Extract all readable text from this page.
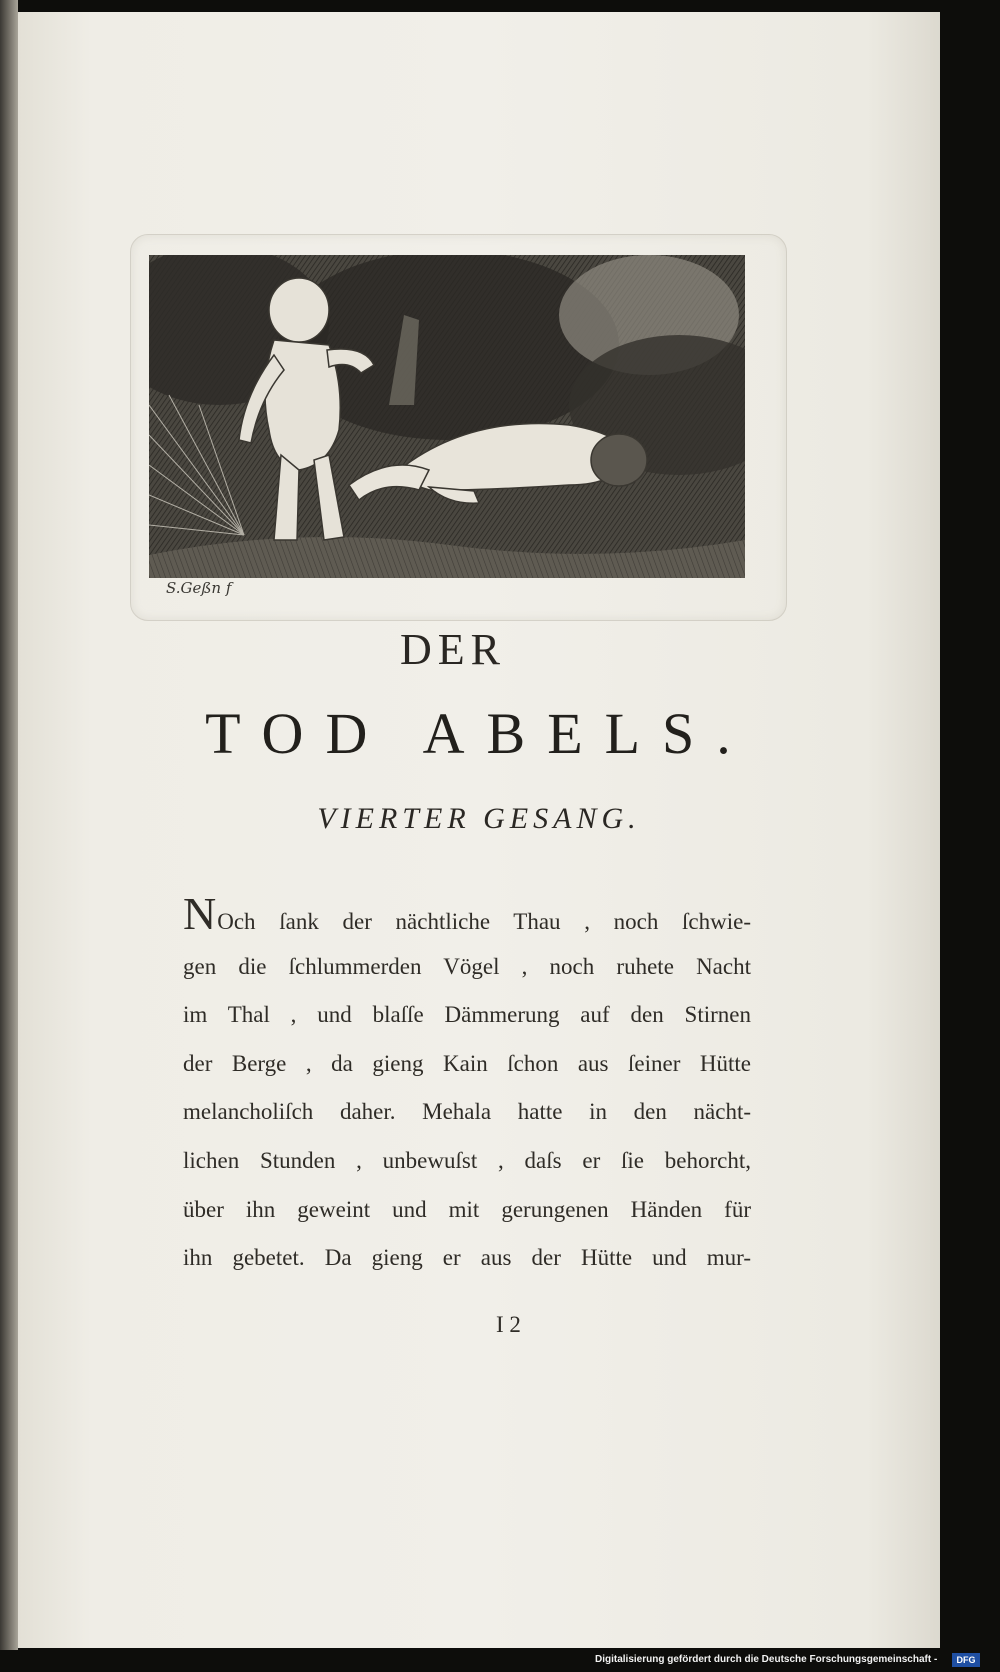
S.Geßn f
DER
TOD ABELS.
VIERTER GESANG.
NOch ſank der nächtliche Thau , noch ſchwie-
gen die ſchlummerden Vögel , noch ruhete Nacht
im Thal , und blaſſe Dämmerung auf den Stirnen
der Berge , da gieng Kain ſchon aus ſeiner Hütte
melancholiſch daher. Mehala hatte in den nächt-
lichen Stunden , unbewuſst , daſs er ſie behorcht,
über ihn geweint und mit gerungenen Händen für
ihn gebetet. Da gieng er aus der Hütte und mur-
I 2
Digitalisierung gefördert durch die Deutsche Forschungsgemeinschaft -	DFG
